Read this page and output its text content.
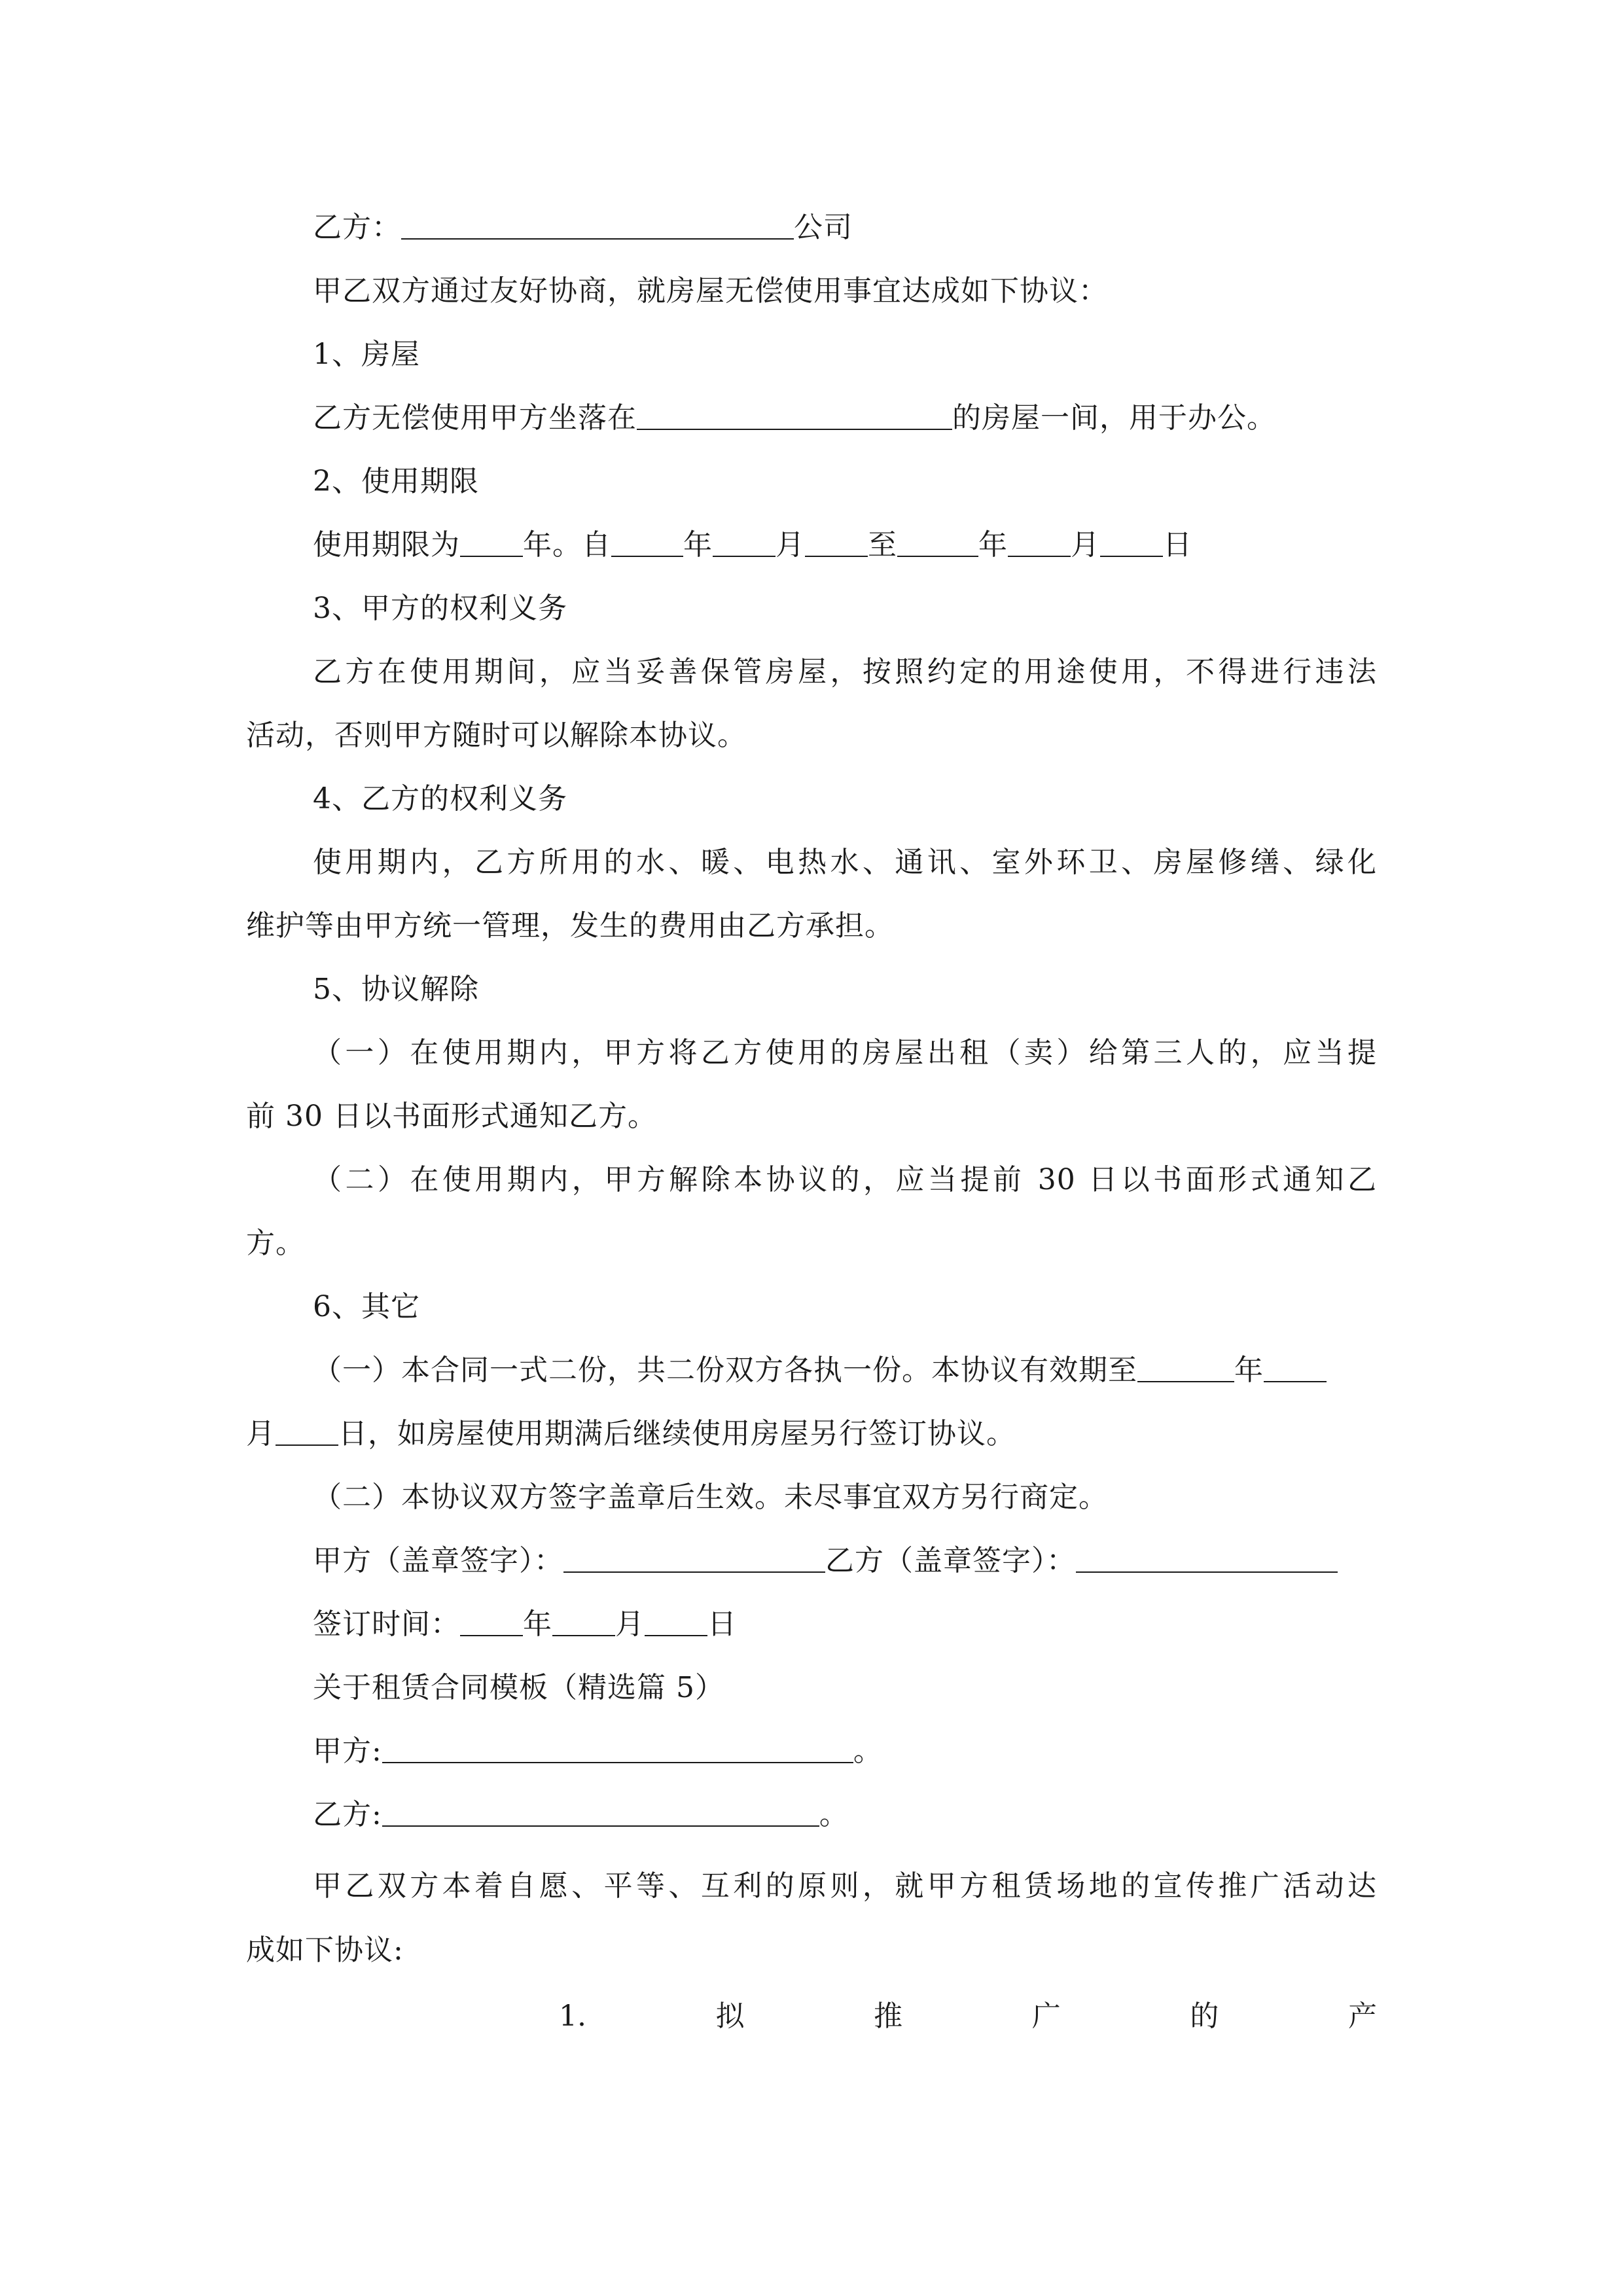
乙方：	公司
甲乙双方通过友好协商，就房屋无偿使用事宜达成如下协议：
1、房屋
乙方无偿使用甲方坐落在	的房屋一间，用于办公。
2、使用期限
使用期限为 年。自	年 月 至	年 月 日
3、甲方的权利义务
乙方在使用期间，应当妥善保管房屋，按照约定的用途使用，不得进行违法
活动，否则甲方随时可以解除本协议。
4、乙方的权利义务
使用期内，乙方所用的水、暖、电热水、通讯、室外环卫、房屋修缮、绿化
维护等由甲方统一管理，发生的费用由乙方承担。
5、协议解除
（一）在使用期内，甲方将乙方使用的房屋出租（卖）给第三人的，应当提
前 30 日以书面形式通知乙方。
（二）在使用期内，甲方解除本协议的，应当提前 30 日以书面形式通知乙
方。
6、其它
（一）本合同一式二份，共二份双方各执一份。本协议有效期至	年
月 日，如房屋使用期满后继续使用房屋另行签订协议。
（二）本协议双方签字盖章后生效。未尽事宜双方另行商定。
甲方（盖章签字）：	乙方（盖章签字）：
签订时间： 年 月 日
关于租赁合同模板（精选篇 5）
甲方:	。
乙方:	。
甲乙双方本着自愿、平等、互利的原则，就甲方租赁场地的宣传推广活动达
成如下协议:
1.	拟	推	广	的	产
